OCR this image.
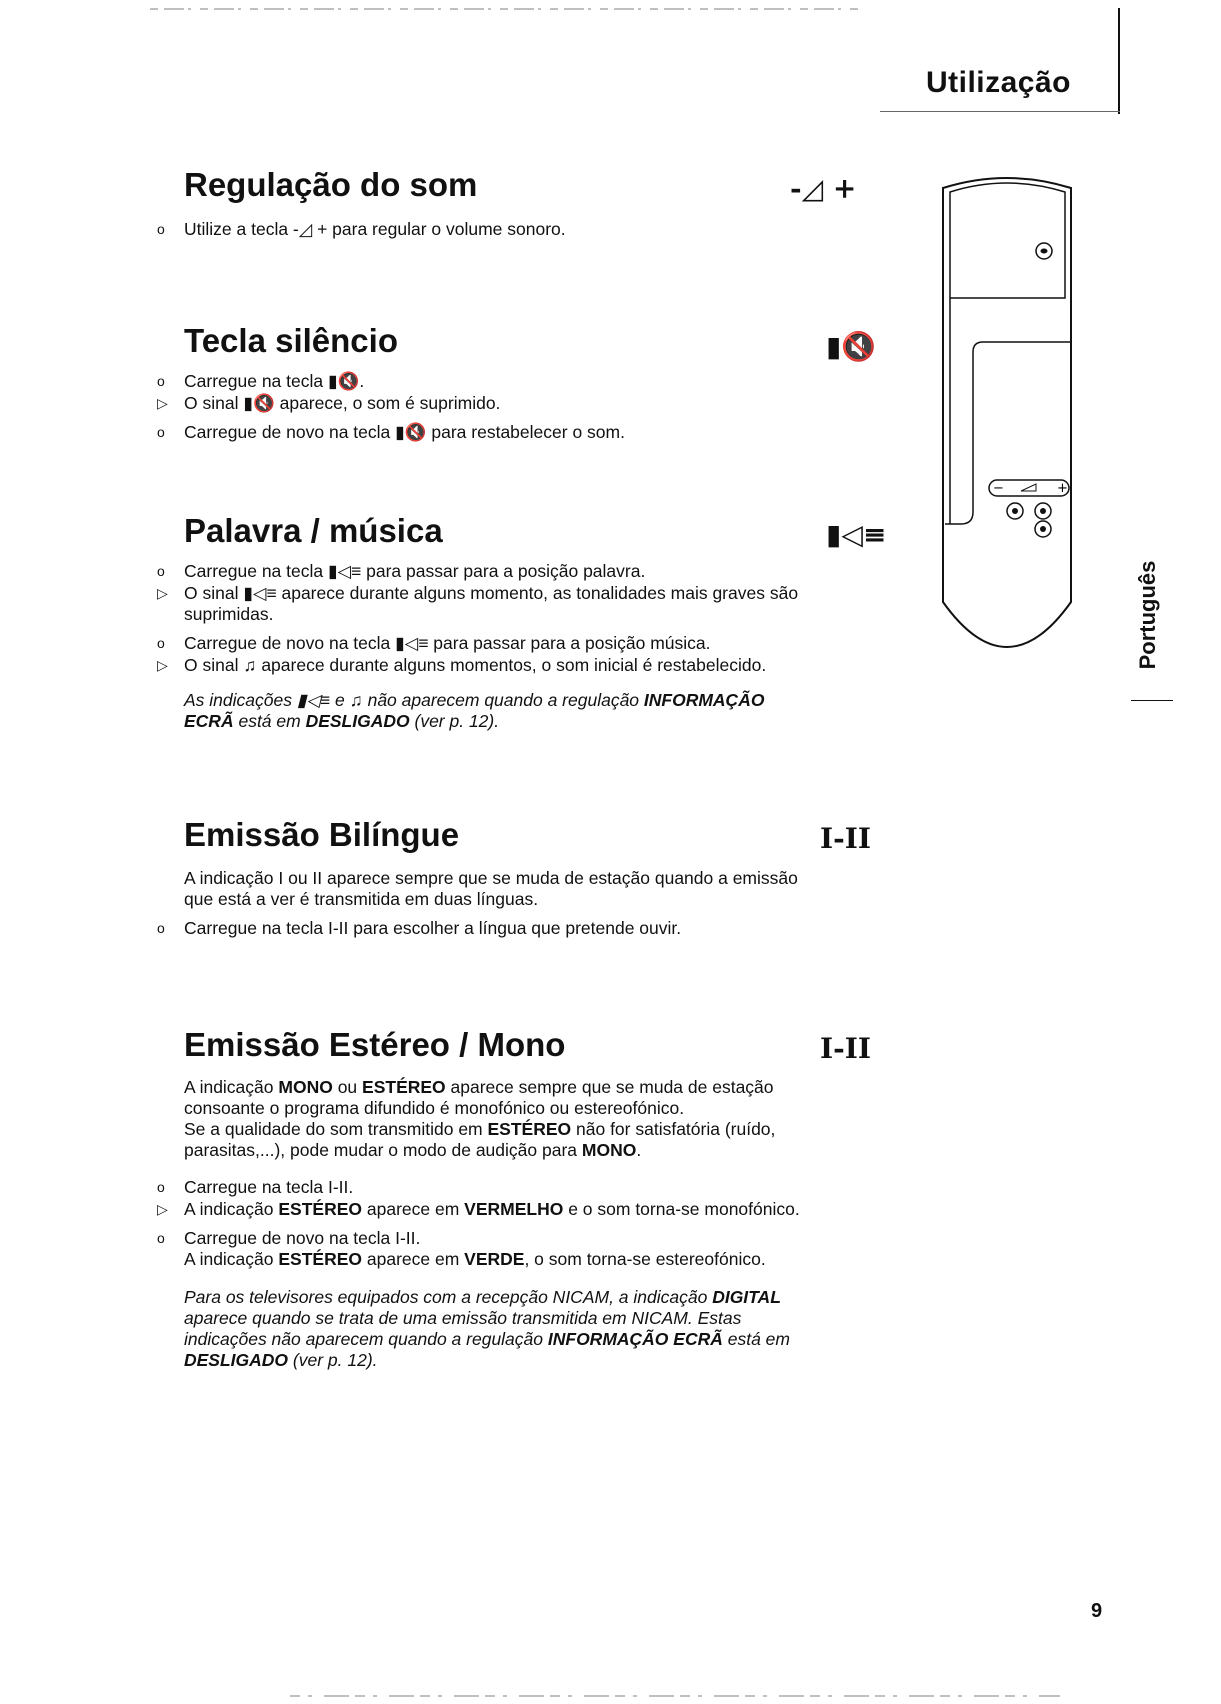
Utilização
Português
−	+
Regulação do som	-◿ +
o Utilize a tecla -◿ + para regular o volume sonoro.
Tecla silêncio	▮🔇
o Carregue na tecla ▮🔇.
▷ O sinal ▮🔇 aparece, o som é suprimido.
o Carregue de novo na tecla ▮🔇 para restabelecer o som.
Palavra / música	▮◁≡
o Carregue na tecla ▮◁≡ para passar para a posição palavra.
▷ O sinal ▮◁≡ aparece durante alguns momento, as tonalidades mais graves são
suprimidas.
o Carregue de novo na tecla ▮◁≡ para passar para a posição música.
▷ O sinal ♫ aparece durante alguns momentos, o som inicial é restabelecido.
As indicações ▮◁≡ e ♫ não aparecem quando a regulação INFORMAÇÃO
ECRÃ está em DESLIGADO (ver p. 12).
Emissão Bilíngue	I-II
A indicação I ou II aparece sempre que se muda de estação quando a emissão
que está a ver é transmitida em duas línguas.
o Carregue na tecla I-II para escolher a língua que pretende ouvir.
Emissão Estéreo / Mono	I-II
A indicação MONO ou ESTÉREO aparece sempre que se muda de estação
consoante o programa difundido é monofónico ou estereofónico.
Se a qualidade do som transmitido em ESTÉREO não for satisfatória (ruído,
parasitas,...), pode mudar o modo de audição para MONO.
o Carregue na tecla I-II.
▷ A indicação ESTÉREO aparece em VERMELHO e o som torna-se monofónico.
o Carregue de novo na tecla I-II.
A indicação ESTÉREO aparece em VERDE, o som torna-se estereofónico.
Para os televisores equipados com a recepção NICAM, a indicação DIGITAL
aparece quando se trata de uma emissão transmitida em NICAM. Estas
indicações não aparecem quando a regulação INFORMAÇÃO ECRÃ está em
DESLIGADO (ver p. 12).
9
